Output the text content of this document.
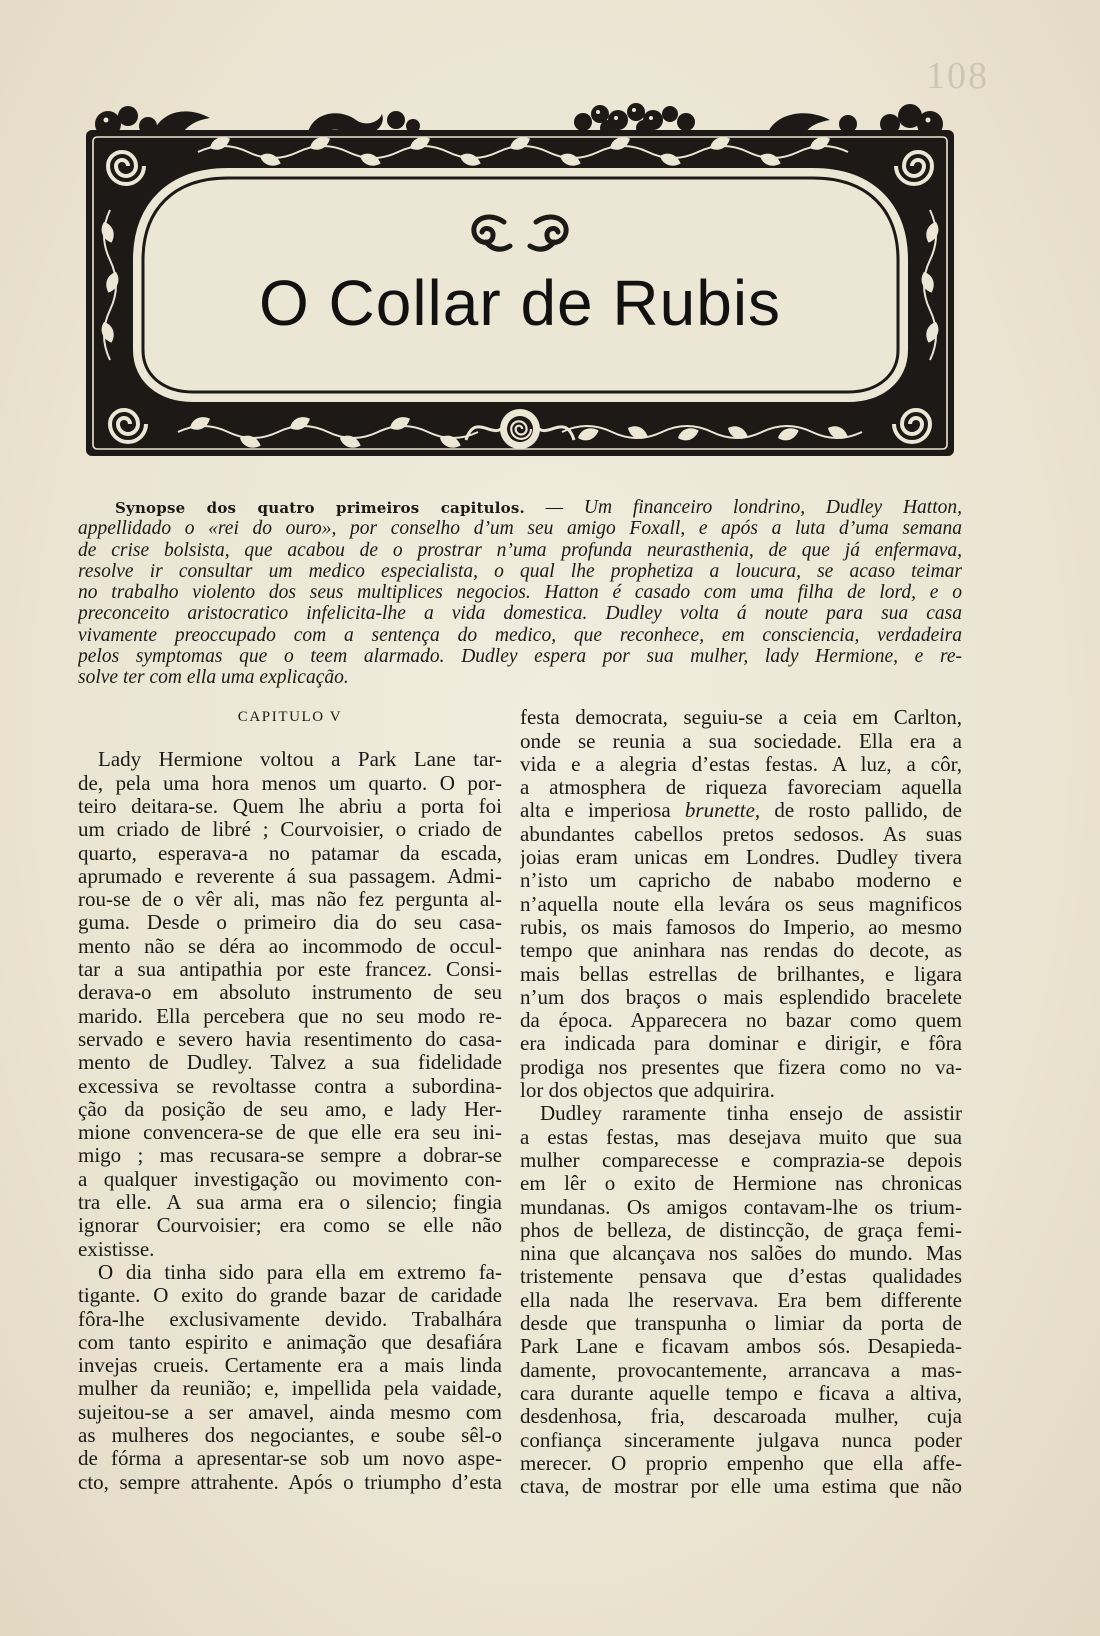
108
O Collar de Rubis
Synopse dos quatro primeiros capitulos. — Um financeiro londrino, Dudley Hatton,
appellidado o «rei do ouro», por conselho d’um seu amigo Foxall, e após a luta d’uma semana
de crise bolsista, que acabou de o prostrar n’uma profunda neurasthenia, de que já enfermava,
resolve ir consultar um medico especialista, o qual lhe prophetiza a loucura, se acaso teimar
no trabalho violento dos seus multiplices negocios. Hatton é casado com uma filha de lord, e o
preconceito aristocratico infelicita-lhe a vida domestica. Dudley volta á noute para sua casa
vivamente preoccupado com a sentença do medico, que reconhece, em consciencia, verdadeira
pelos symptomas que o teem alarmado. Dudley espera por sua mulher, lady Hermione, e re-
solve ter com ella uma explicação.
CAPITULO V
Lady Hermione voltou a Park Lane tar-
de, pela uma hora menos um quarto. O por-
teiro deitara-se. Quem lhe abriu a porta foi
um criado de libré ; Courvoisier, o criado de
quarto, esperava-a no patamar da escada,
aprumado e reverente á sua passagem. Admi-
rou-se de o vêr ali, mas não fez pergunta al-
guma. Desde o primeiro dia do seu casa-
mento não se déra ao incommodo de occul-
tar a sua antipathia por este francez. Consi-
derava-o em absoluto instrumento de seu
marido. Ella percebera que no seu modo re-
servado e severo havia resentimento do casa-
mento de Dudley. Talvez a sua fidelidade
excessiva se revoltasse contra a subordina-
ção da posição de seu amo, e lady Her-
mione convencera-se de que elle era seu ini-
migo ; mas recusara-se sempre a dobrar-se
a qualquer investigação ou movimento con-
tra elle. A sua arma era o silencio; fingia
ignorar Courvoisier; era como se elle não
existisse.
O dia tinha sido para ella em extremo fa-
tigante. O exito do grande bazar de caridade
fôra-lhe exclusivamente devido. Trabalhára
com tanto espirito e animação que desafiára
invejas crueis. Certamente era a mais linda
mulher da reunião; e, impellida pela vaidade,
sujeitou-se a ser amavel, ainda mesmo com
as mulheres dos negociantes, e soube sêl-o
de fórma a apresentar-se sob um novo aspe-
cto, sempre attrahente. Após o triumpho d’esta
festa democrata, seguiu-se a ceia em Carlton,
onde se reunia a sua sociedade. Ella era a
vida e a alegria d’estas festas. A luz, a côr,
a atmosphera de riqueza favoreciam aquella
alta e imperiosa brunette, de rosto pallido, de
abundantes cabellos pretos sedosos. As suas
joias eram unicas em Londres. Dudley tivera
n’isto um capricho de nababo moderno e
n’aquella noute ella levára os seus magnificos
rubis, os mais famosos do Imperio, ao mesmo
tempo que aninhara nas rendas do decote, as
mais bellas estrellas de brilhantes, e ligara
n’um dos braços o mais esplendido bracelete
da época. Apparecera no bazar como quem
era indicada para dominar e dirigir, e fôra
prodiga nos presentes que fizera como no va-
lor dos objectos que adquirira.
Dudley raramente tinha ensejo de assistir
a estas festas, mas desejava muito que sua
mulher comparecesse e comprazia-se depois
em lêr o exito de Hermione nas chronicas
mundanas. Os amigos contavam-lhe os trium-
phos de belleza, de distincção, de graça femi-
nina que alcançava nos salões do mundo. Mas
tristemente pensava que d’estas qualidades
ella nada lhe reservava. Era bem differente
desde que transpunha o limiar da porta de
Park Lane e ficavam ambos sós. Desapieda-
damente, provocantemente, arrancava a mas-
cara durante aquelle tempo e ficava a altiva,
desdenhosa, fria, descaroada mulher, cuja
confiança sinceramente julgava nunca poder
merecer. O proprio empenho que ella affe-
ctava, de mostrar por elle uma estima que não
